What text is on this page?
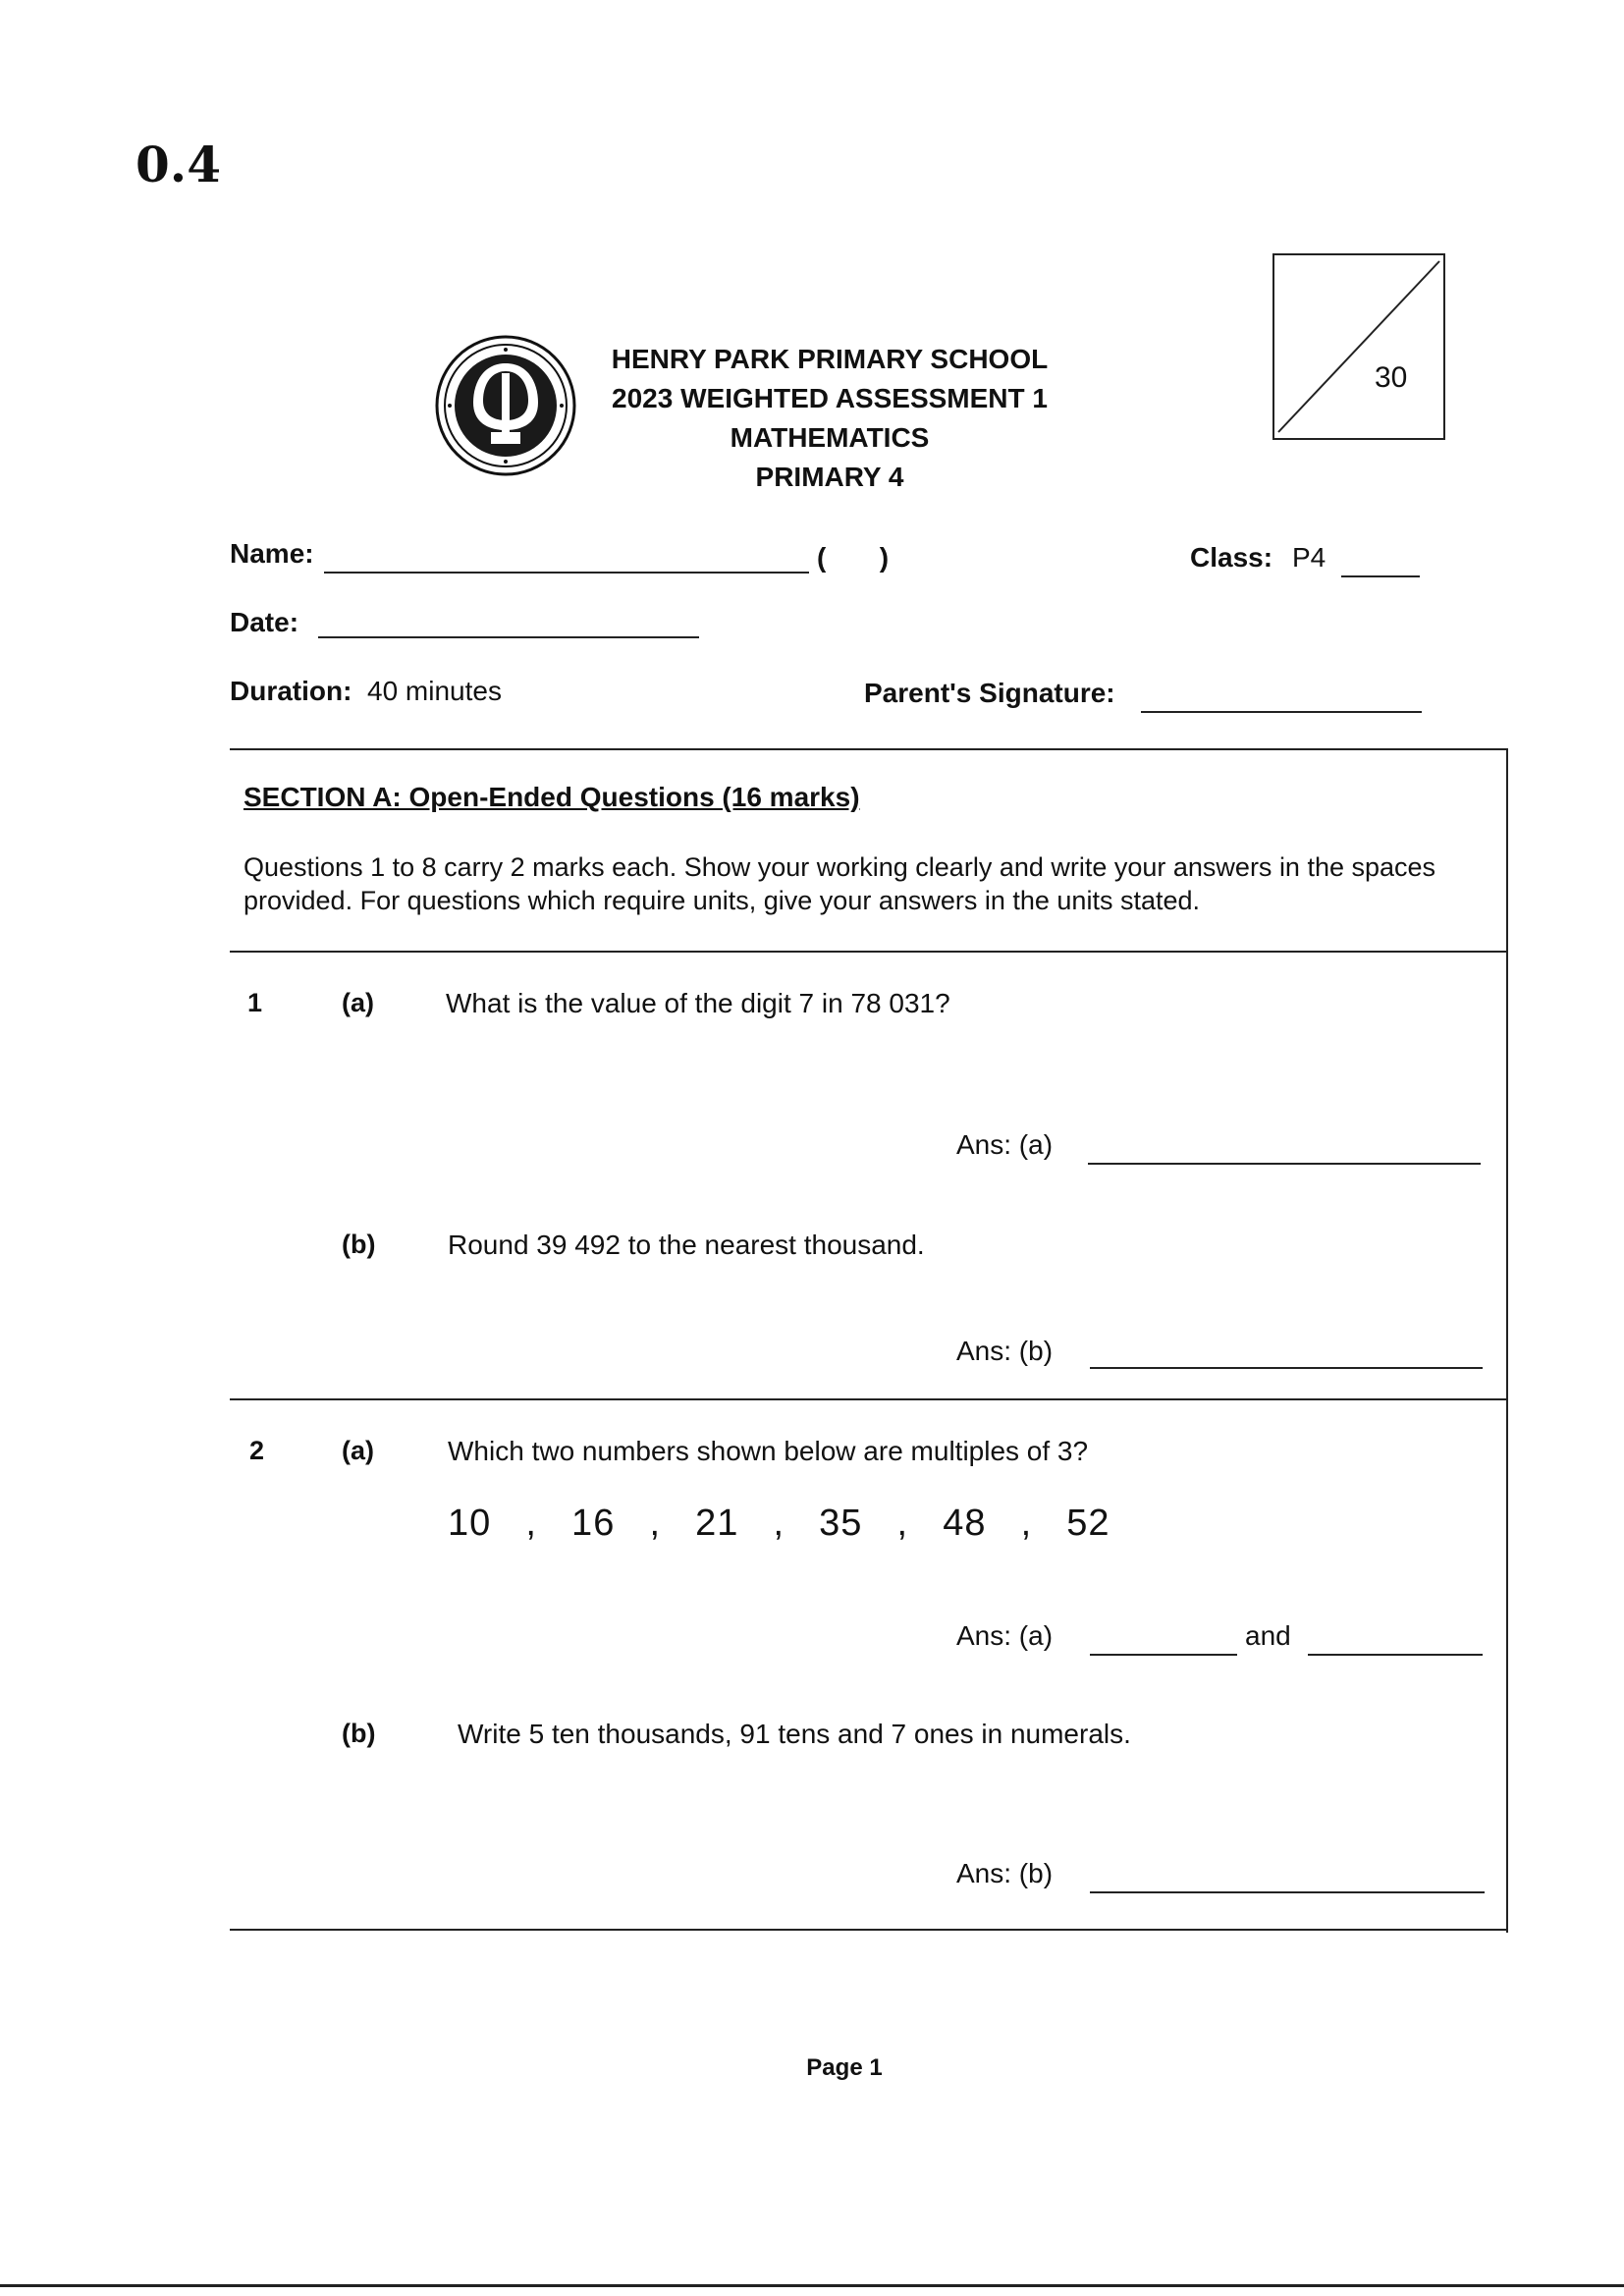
0.4
HENRY PARK PRIMARY SCHOOL
2023 WEIGHTED ASSESSMENT 1
MATHEMATICS
PRIMARY 4
30
Name:	(       )	Class: P4
Date:
Duration: 40 minutes	Parent's Signature:
SECTION A: Open-Ended Questions (16 marks)
Questions 1 to 8 carry 2 marks each. Show your working clearly and write your answers in the spaces provided. For questions which require units, give your answers in the units stated.
1	(a)	What is the value of the digit 7 in 78 031?
Ans: (a)
(b)	Round 39 492 to the nearest thousand.
Ans: (b)
2	(a)	Which two numbers shown below are multiples of 3?
10  ,  16  ,  21  ,  35  ,  48  ,  52
Ans: (a)	and
(b)	Write 5 ten thousands, 91 tens and 7 ones in numerals.
Ans: (b)
Page 1
